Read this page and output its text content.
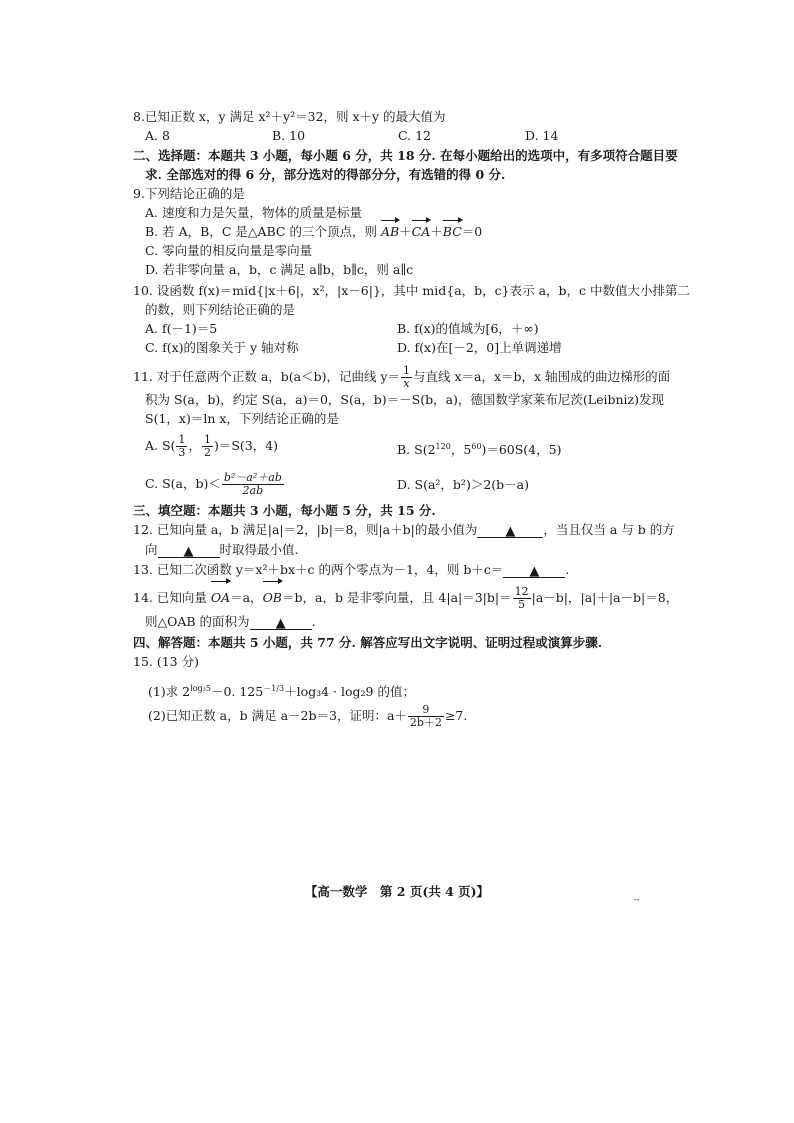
8.已知正数 x，y 满足 x²＋y²＝32，则 x＋y 的最大值为
A. 8	B. 10	C. 12	D. 14
二、选择题：本题共 3 小题，每小题 6 分，共 18 分. 在每小题给出的选项中，有多项符合题目要
求. 全部选对的得 6 分，部分选对的得部分分，有选错的得 0 分.
9.下列结论正确的是
A. 速度和力是矢量，物体的质量是标量
B. 若 A，B，C 是△ABC 的三个顶点，则 AB＋CA＋BC＝0
C. 零向量的相反向量是零向量
D. 若非零向量 a，b，c 满足 a∥b，b∥c，则 a∥c
10. 设函数 f(x)＝mid{|x＋6|，x²，|x－6|}，其中 mid{a，b，c}表示 a，b，c 中数值大小排第二
的数，则下列结论正确的是
A. f(－1)＝5	B. f(x)的值域为[6，＋∞)
C. f(x)的图象关于 y 轴对称	D. f(x)在[－2，0]上单调递增
11. 对于任意两个正数 a，b(a＜b)，记曲线 $y= \frac{1}{x}$ 与直线 x＝a，x＝b，x 轴围成的曲边梯形的面
积为 S(a，b)，约定 S(a，a)＝0，S(a，b)＝－S(b，a)，德国数学家莱布尼茨(Leibniz)发现
S(1，x)＝ln x，下列结论正确的是
A. $S( \frac{1}{3}$ ， $\frac{1}{2} )=S(3$，4)	B. $S(2^{120}$，$5^{60})=60S(4$，5)
C. S(a，$b)< \frac{\text{b²－a²＋ab}}{2ab}$	D. S(a²，b²)＞2(b－a)
三、填空题：本题共 3 小题，每小题 5 分，共 15 分.
12. 已知向量 a，b 满足|a|＝2，|b|＝8，则|a＋b|的最小值为 ▲ ，当且仅当 a 与 b 的方
向 ▲ 时取得最小值.
13. 已知二次函数 y＝x²＋bx＋c 的两个零点为－1，4，则 b＋c＝ ▲ .
14. 已知向量 OA＝a，OB＝b，a，b 是非零向量，且 $4|a|=3|b|= \frac{12}{5} |a-b|$，|a|＋|a－b|＝8，
则△OAB 的面积为 ▲ .
四、解答题：本题共 5 小题，共 77 分. 解答应写出文字说明、证明过程或演算步骤.
15. (13 分)
(1)求 $2^{log_25}-0$. $125^{-1/3}+\log_34 \cdot \log_29$ 的值；
(2)已知正数 a，b 满足 a－2b＝3，证明：$a+ \frac{9}{2b+2} \ge 7$.
【高一数学　第 2 页(共 4 页)】
--
